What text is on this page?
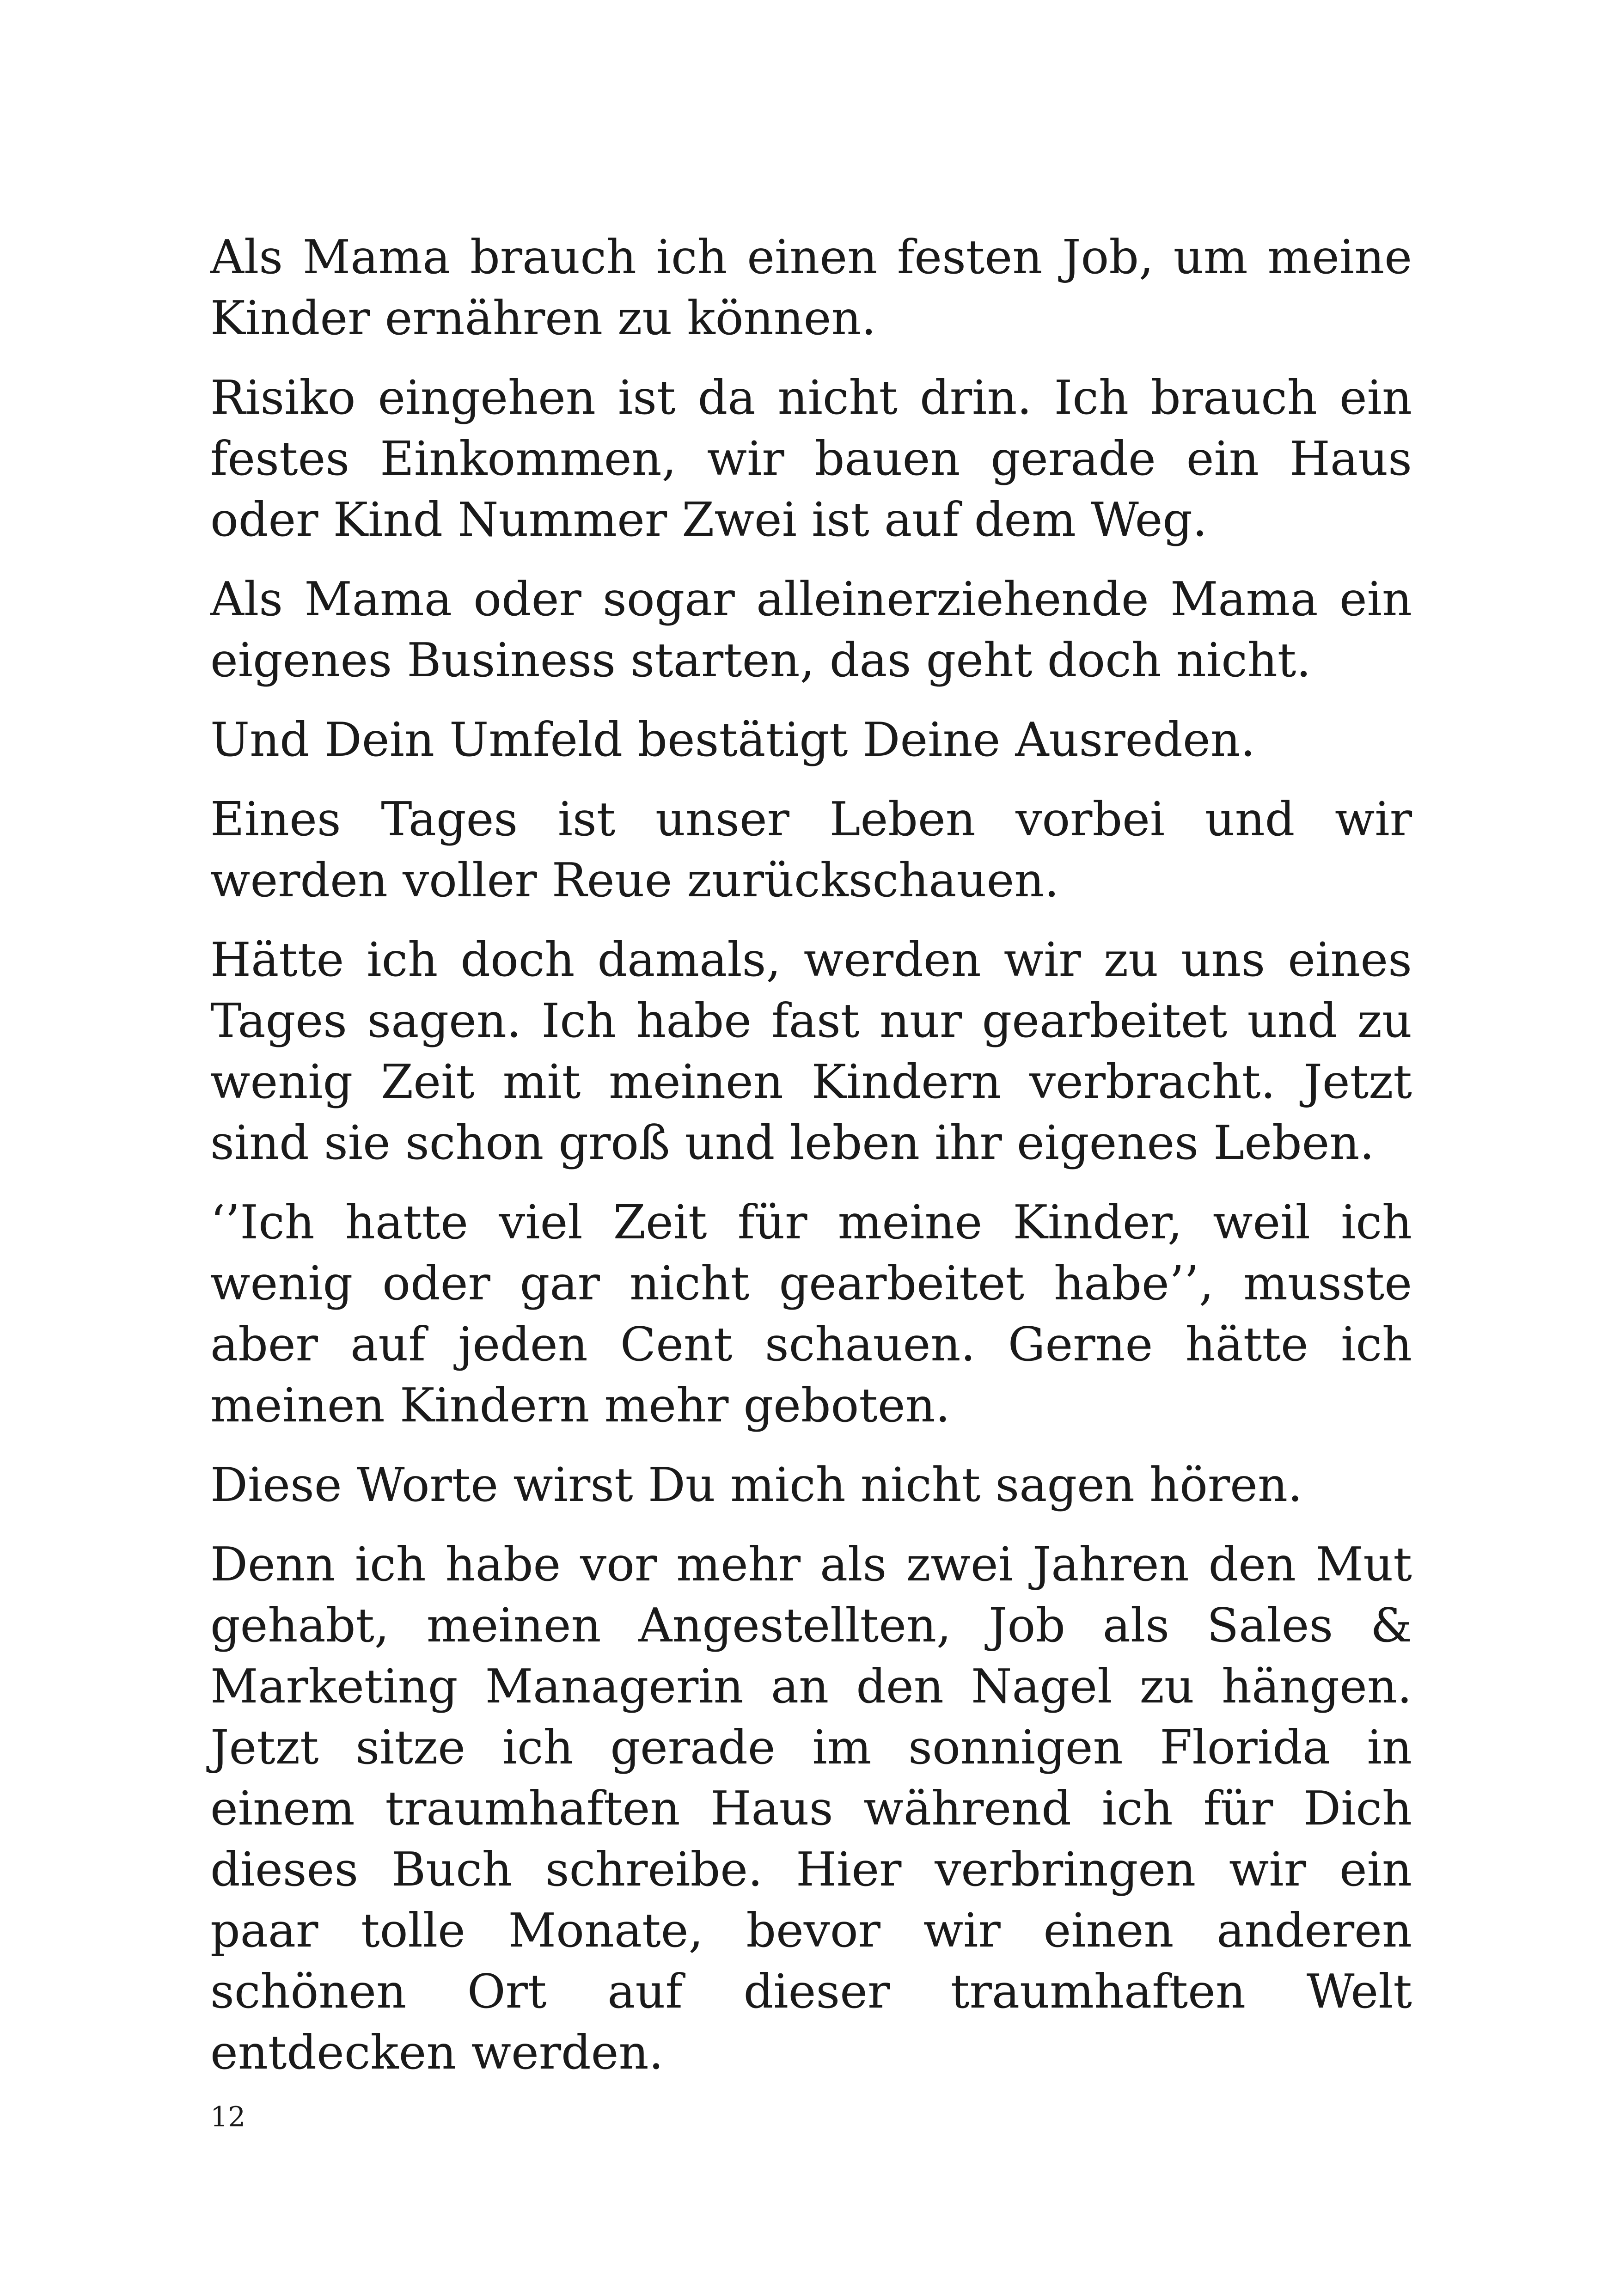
Als Mama brauch ich einen festen Job, um meine Kinder ernähren zu können.

Risiko eingehen ist da nicht drin. Ich brauch ein festes Einkommen, wir bauen gerade ein Haus oder Kind Nummer Zwei ist auf dem Weg.

Als Mama oder sogar alleinerziehende Mama ein eigenes Business starten, das geht doch nicht.

Und Dein Umfeld bestätigt Deine Ausreden.

Eines Tages ist unser Leben vorbei und wir werden voller Reue zurückschauen.

Hätte ich doch damals, werden wir zu uns eines Tages sagen. Ich habe fast nur gearbeitet und zu wenig Zeit mit meinen Kindern verbracht. Jetzt sind sie schon groß und leben ihr eigenes Leben.

‘’Ich hatte viel Zeit für meine Kinder, weil ich wenig oder gar nicht gearbeitet habe’’, musste aber auf jeden Cent schauen. Gerne hätte ich meinen Kindern mehr geboten.

Diese Worte wirst Du mich nicht sagen hören.

Denn ich habe vor mehr als zwei Jahren den Mut gehabt, meinen Angestellten, Job als Sales & Marketing Managerin an den Nagel zu hängen. Jetzt sitze ich gerade im sonnigen Florida in einem traumhaften Haus während ich für Dich dieses Buch schreibe. Hier verbringen wir ein paar tolle Monate, bevor wir einen anderen schönen Ort auf dieser traumhaften Welt entdecken werden.

12
